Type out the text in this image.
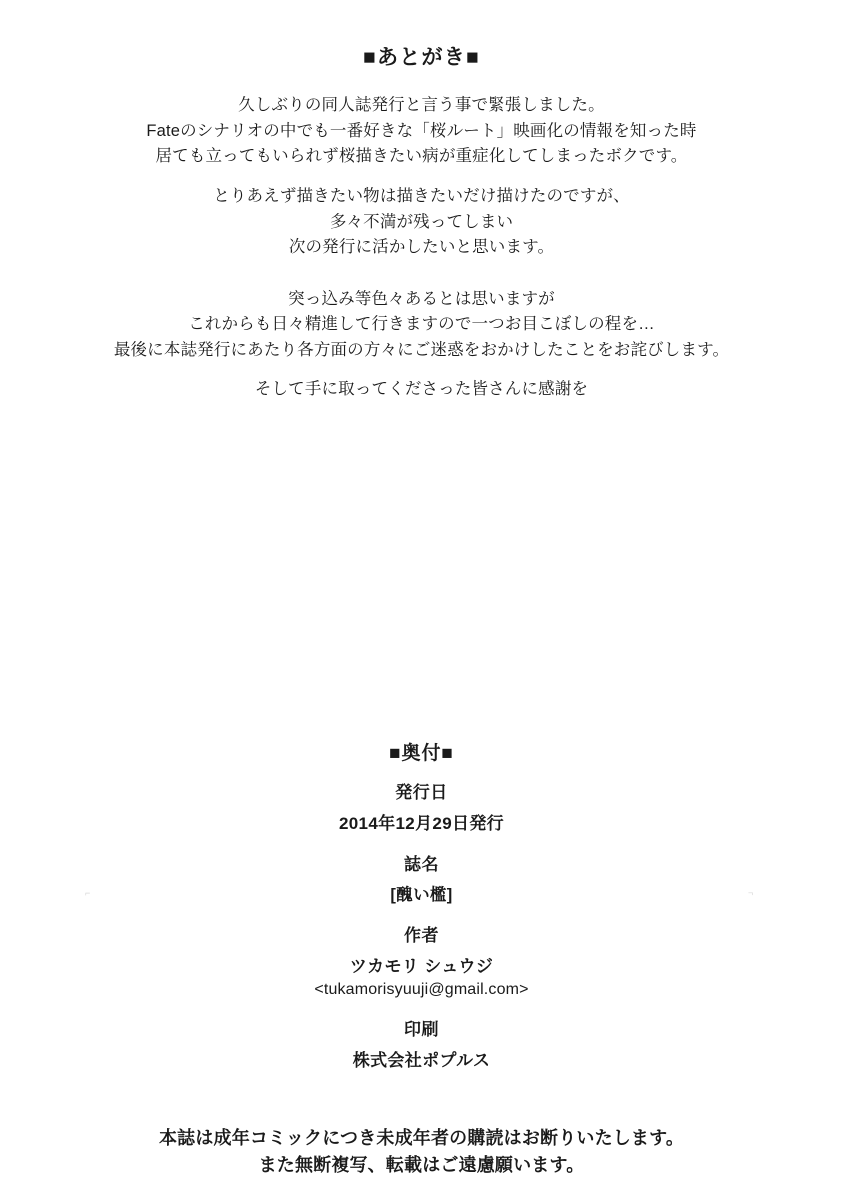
⌐	¬
■あとがき■

久しぶりの同人誌発行と言う事で緊張しました。

Fateのシナリオの中でも一番好きな「桜ルート」映画化の情報を知った時

居ても立ってもいられず桜描きたい病が重症化してしまったボクです。

とりあえず描きたい物は描きたいだけ描けたのですが、

多々不満が残ってしまい

次の発行に活かしたいと思います。

突っ込み等色々あるとは思いますが

これからも日々精進して行きますので一つお目こぼしの程を…

最後に本誌発行にあたり各方面の方々にご迷惑をおかけしたことをお詫びします。

そして手に取ってくださった皆さんに感謝を

■奥付■
発行日
2014年12月29日発行
誌名
[醜い檻]
作者
ツカモリ シュウジ
<tukamorisyuuji@gmail.com>
印刷
株式会社ポプルス

本誌は成年コミックにつき未成年者の購読はお断りいたします。

また無断複写、転載はご遠慮願います。
